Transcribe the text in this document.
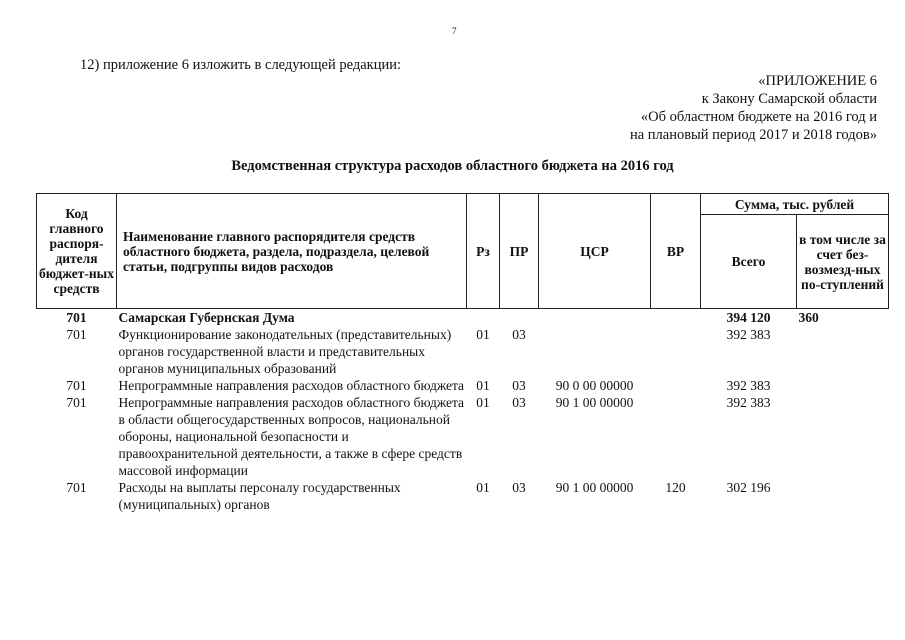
7
12) приложение 6 изложить в следующей редакции:
«ПРИЛОЖЕНИЕ 6
к Закону Самарской области
«Об областном бюджете на 2016 год и
на плановый период 2017 и 2018 годов»
Ведомственная структура расходов областного бюджета на 2016 год
Код главного распоря-дителя бюджет-ных средств	Наименование главного распорядителя средств областного бюджета, раздела, подраздела, целевой статьи, подгруппы видов расходов	Рз	ПР	ЦСР	ВР	Сумма, тыс. рублей	
						Всего	в том числе за счет без-возмезд-ных по-ступлений
701	Самарская Губернская Дума					394 120	360
701	Функционирование законодательных (представительных) органов государственной власти и представительных органов муниципальных образований	01	03			392 383	
701	Непрограммные направления расходов областного бюджета	01	03	90 0 00 00000		392 383	
701	Непрограммные направления расходов областного бюджета в области общегосударственных вопросов, национальной обороны, национальной безопасности и правоохранительной деятельности, а также в сфере средств массовой информации	01	03	90 1 00 00000		392 383	
701	Расходы на выплаты персоналу государственных (муниципальных) органов	01	03	90 1 00 00000	120	302 196	
